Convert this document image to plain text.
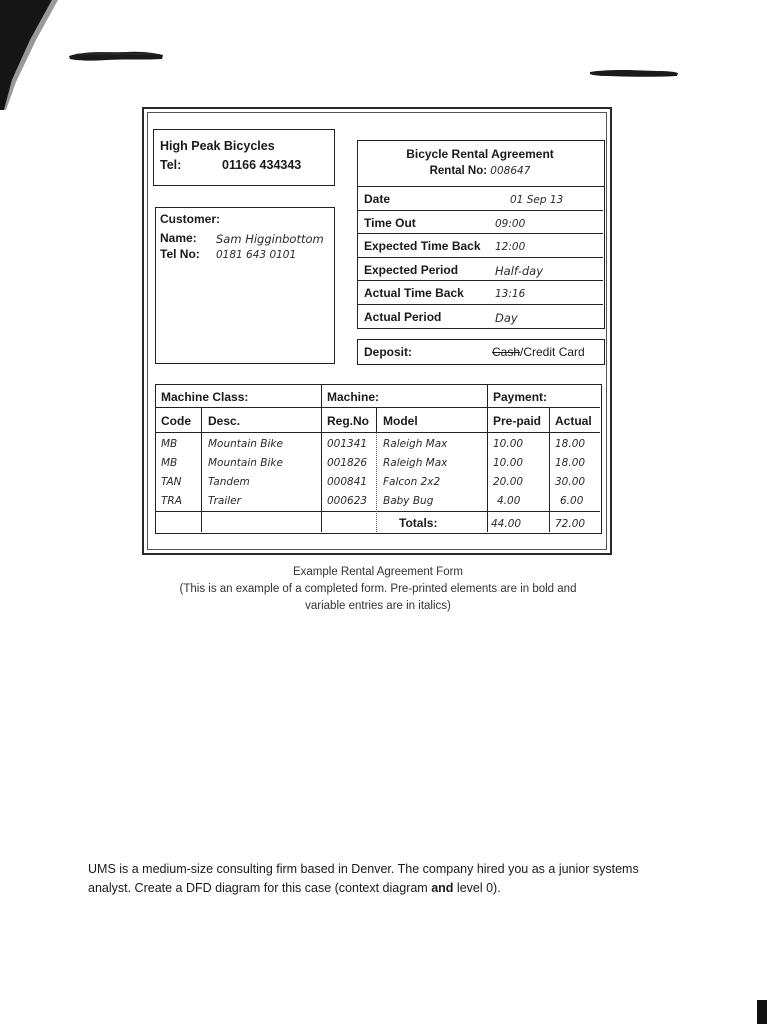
High Peak Bicycles
Tel:	01166 434343
Bicycle Rental Agreement
Rental No: 008647
Customer:
Name: Sam Higginbottom
Tel No: 0181 643 0101
Date	01 Sep 13
Time Out	09:00
Expected Time Back 12:00
Expected Period	Half-day
Actual Time Back	13:16
Actual Period	Day
Deposit:	Cash/Credit Card
Machine Class:	Machine:	Payment:
Code Desc.	Reg.No Model	Pre-paid Actual
MB	Mountain Bike	001341 Raleigh Max	10.00	18.00
MB	Mountain Bike	001826 Raleigh Max	10.00	18.00
TAN	Tandem	000841 Falcon 2x2	20.00	30.00
TRA Trailer	000623 Baby Bug	4.00	6.00
Totals:	44.00	72.00
Example Rental Agreement Form
(This is an example of a completed form. Pre-printed elements are in bold and
variable entries are in italics)
UMS is a medium-size consulting firm based in Denver. The company hired you as a junior systems
analyst. Create a DFD diagram for this case (context diagram and level 0).
